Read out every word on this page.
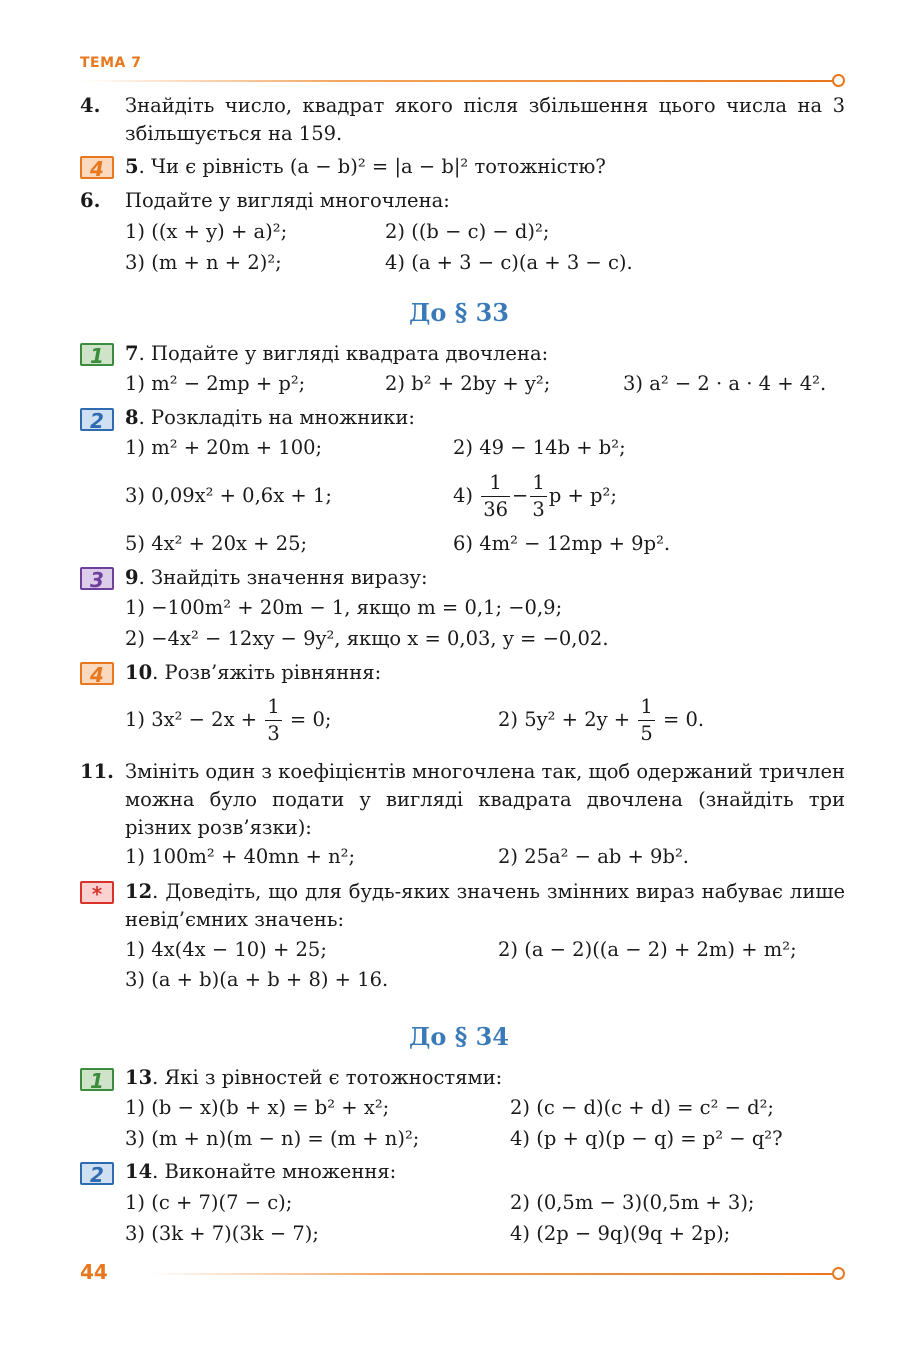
ТЕМА 7
4. Знайдіть число, квадрат якого після збільшення цього числа на 3 збільшується на 159.
4	5. Чи є рівність (a − b)² = |a − b|² тотожністю?
6. Подайте у вигляді многочлена:
1) ((x + y) + a)²;	2) ((b − c) − d)²;
3) (m + n + 2)²;	4) (a + 3 − c)(a + 3 − c).
До § 33
1	7. Подайте у вигляді квадрата двочлена:
1) m² − 2mp + p²;	2) b² + 2by + y²;	3) a² − 2 · a · 4 + 4².
2	8. Розкладіть на множники:
1) m² + 20m + 100;	2) 49 − 14b + b²;
3) 0,09x² + 0,6x + 1;	$4) \frac{1}{36} - \frac{1}{3}$ p + p²;
5) 4x² + 20x + 25;	6) 4m² − 12mp + 9p².
3	9. Знайдіть значення виразу:
1) −100m² + 20m − 1, якщо m = 0,1; −0,9;
2) −4x² − 12xy − 9y², якщо x = 0,03, y = −0,02.
4	10. Розв’яжіть рівняння:
1) $3x^2 - 2x + \frac{1}{3} = 0$;	2) $5y^2 + 2y + \frac{1}{5} = 0$.
11. Змініть один з коефіцієнтів многочлена так, щоб одержаний тричлен можна було подати у вигляді квадрата двочлена (знайдіть три різних розв’язки):
1) 100m² + 40mn + n²;	2) 25a² − ab + 9b².
*	12. Доведіть, що для будь-яких значень змінних вираз набуває лише невід’ємних значень:
1) 4x(4x − 10) + 25;	2) (a − 2)((a − 2) + 2m) + m²;
3) (a + b)(a + b + 8) + 16.
До § 34
1	13. Які з рівностей є тотожностями:
1) (b − x)(b + x) = b² + x²;	2) (c − d)(c + d) = c² − d²;
3) (m + n)(m − n) = (m + n)²;	4) (p + q)(p − q) = p² − q²?
2	14. Виконайте множення:
1) (c + 7)(7 − c);	2) (0,5m − 3)(0,5m + 3);
3) (3k + 7)(3k − 7);	4) (2p − 9q)(9q + 2p);
44
